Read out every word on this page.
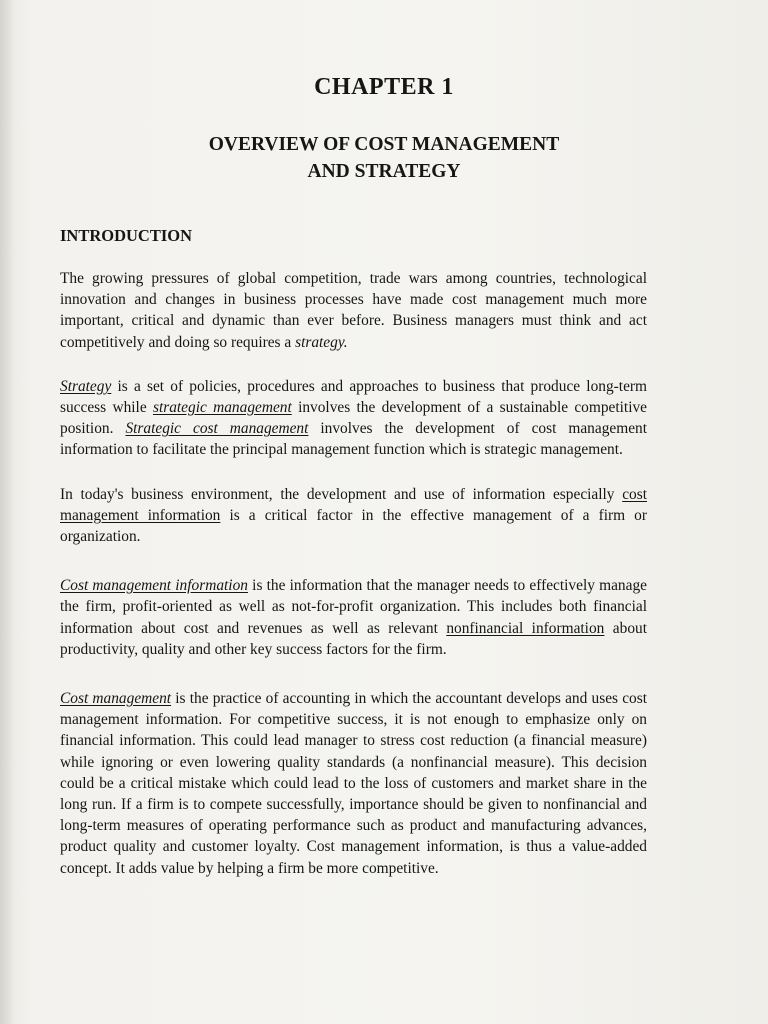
CHAPTER 1
OVERVIEW OF COST MANAGEMENT
AND STRATEGY
INTRODUCTION

The growing pressures of global competition, trade wars among countries, technological innovation and changes in business processes have made cost management much more important, critical and dynamic than ever before. Business managers must think and act competitively and doing so requires a strategy.

Strategy is a set of policies, procedures and approaches to business that produce long-term success while strategic management involves the development of a sustainable competitive position. Strategic cost management involves the development of cost management information to facilitate the principal management function which is strategic management.

In today's business environment, the development and use of information especially cost management information is a critical factor in the effective management of a firm or organization.

Cost management information is the information that the manager needs to effectively manage the firm, profit-oriented as well as not-for-profit organization. This includes both financial information about cost and revenues as well as relevant nonfinancial information about productivity, quality and other key success factors for the firm.

Cost management is the practice of accounting in which the accountant develops and uses cost management information. For competitive success, it is not enough to emphasize only on financial information. This could lead manager to stress cost reduction (a financial measure) while ignoring or even lowering quality standards (a nonfinancial measure). This decision could be a critical mistake which could lead to the loss of customers and market share in the long run. If a firm is to compete successfully, importance should be given to nonfinancial and long-term measures of operating performance such as product and manufacturing advances, product quality and customer loyalty. Cost management information, is thus a value-added concept. It adds value by helping a firm be more competitive.
